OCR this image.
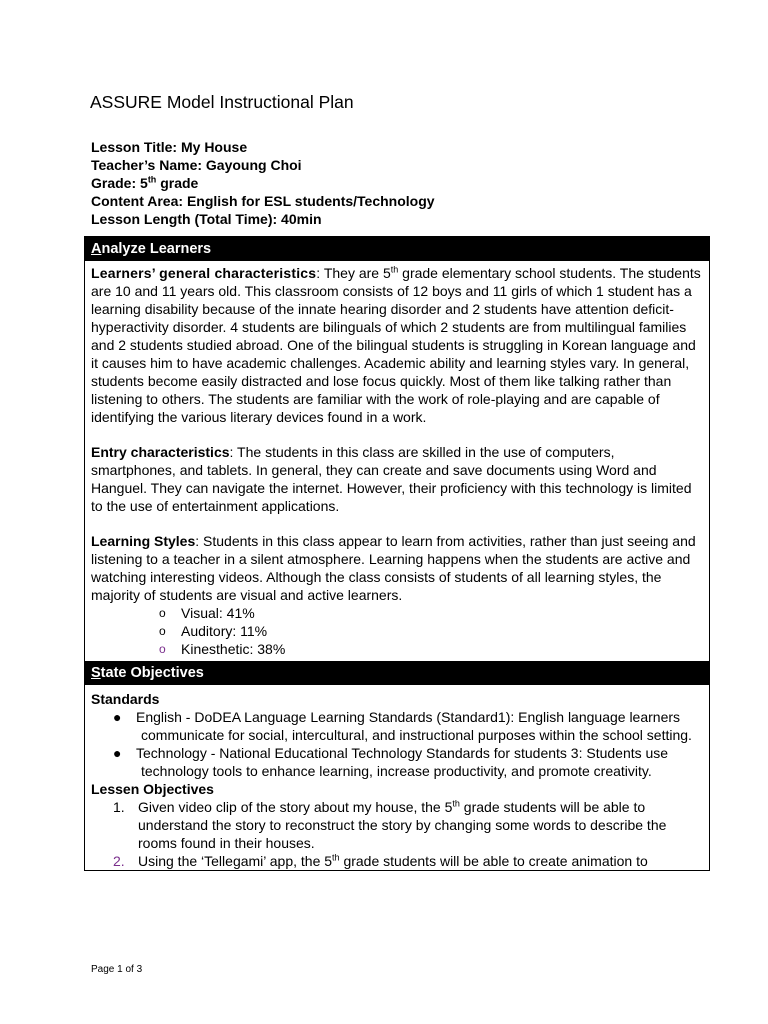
ASSURE Model Instructional Plan
Lesson Title: My House
Teacher’s Name: Gayoung Choi
Grade: 5th grade
Content Area: English for ESL students/Technology
Lesson Length (Total Time): 40min
Analyze Learners

Learners’ general characteristics: They are 5th grade elementary school students. The students are 10 and 11 years old. This classroom consists of 12 boys and 11 girls of which 1 student has a learning disability because of the innate hearing disorder and 2 students have attention deficit-hyperactivity disorder. 4 students are bilinguals of which 2 students are from multilingual families and 2 students studied abroad. One of the bilingual students is struggling in Korean language and it causes him to have academic challenges. Academic ability and learning styles vary. In general, students become easily distracted and lose focus quickly. Most of them like talking rather than listening to others. The students are familiar with the work of role-playing and are capable of identifying the various literary devices found in a work.

Entry characteristics: The students in this class are skilled in the use of computers, smartphones, and tablets. In general, they can create and save documents using Word and Hanguel. They can navigate the internet. However, their proficiency with this technology is limited to the use of entertainment applications.

Learning Styles: Students in this class appear to learn from activities, rather than just seeing and listening to a teacher in a silent atmosphere. Learning happens when the students are active and watching interesting videos. Although the class consists of students of all learning styles, the majority of students are visual and active learners.

o Visual: 41%
o Auditory: 11%
o Kinesthetic: 38%
State Objectives
Standards
● English - DoDEA Language Learning Standards (Standard1): English language learners communicate for social, intercultural, and instructional purposes within the school setting.
● Technology - National Educational Technology Standards for students 3: Students use technology tools to enhance learning, increase productivity, and promote creativity.
Lessen Objectives
1. Given video clip of the story about my house, the 5th grade students will be able to understand the story to reconstruct the story by changing some words to describe the rooms found in their houses.
2. Using the ‘Tellegami’ app, the 5th grade students will be able to create animation to
Page 1 of 3
